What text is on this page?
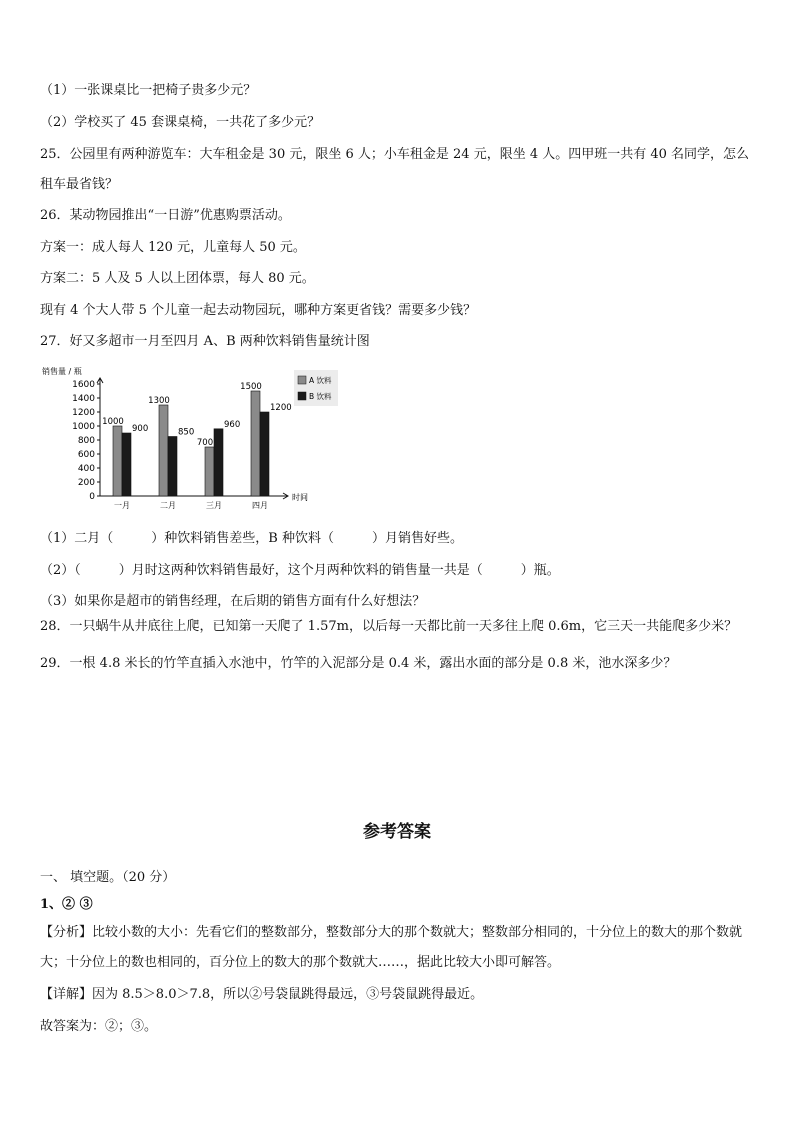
（1）一张课桌比一把椅子贵多少元？
（2）学校买了 45 套课桌椅，一共花了多少元？
25．公园里有两种游览车：大车租金是 30 元，限坐 6 人；小车租金是 24 元，限坐 4 人。四甲班一共有 40 名同学，怎么租车最省钱？
26．某动物园推出“一日游”优惠购票活动。
方案一：成人每人 120 元，儿童每人 50 元。
方案二：5 人及 5 人以上团体票，每人 80 元。
现有 4 个大人带 5 个儿童一起去动物园玩，哪种方案更省钱？需要多少钱？
27．好又多超市一月至四月 A、B 两种饮料销售量统计图
销售量 / 瓶
时间
0
200
400
600
800
1000
1200
1400
1600
1000
900
一月
1300
850
二月
700
960
三月
1500
1200
四月
A 饮料
B 饮料
（1）二月（	）种饮料销售差些，B 种饮料（	）月销售好些。
（2）（	）月时这两种饮料销售最好，这个月两种饮料的销售量一共是（	）瓶。
（3）如果你是超市的销售经理，在后期的销售方面有什么好想法？
28．一只蜗牛从井底往上爬，已知第一天爬了 1.57m，以后每一天都比前一天多往上爬 0.6m，它三天一共能爬多少米？
29．一根 4.8 米长的竹竿直插入水池中，竹竿的入泥部分是 0.4 米，露出水面的部分是 0.8 米，池水深多少？
参考答案
一、 填空题。（20 分）
1、② ③
【分析】比较小数的大小：先看它们的整数部分，整数部分大的那个数就大；整数部分相同的，十分位上的数大的那个数就大；十分位上的数也相同的，百分位上的数大的那个数就大……，据此比较大小即可解答。
【详解】因为 8.5＞8.0＞7.8，所以②号袋鼠跳得最远，③号袋鼠跳得最近。
故答案为：②；③。
